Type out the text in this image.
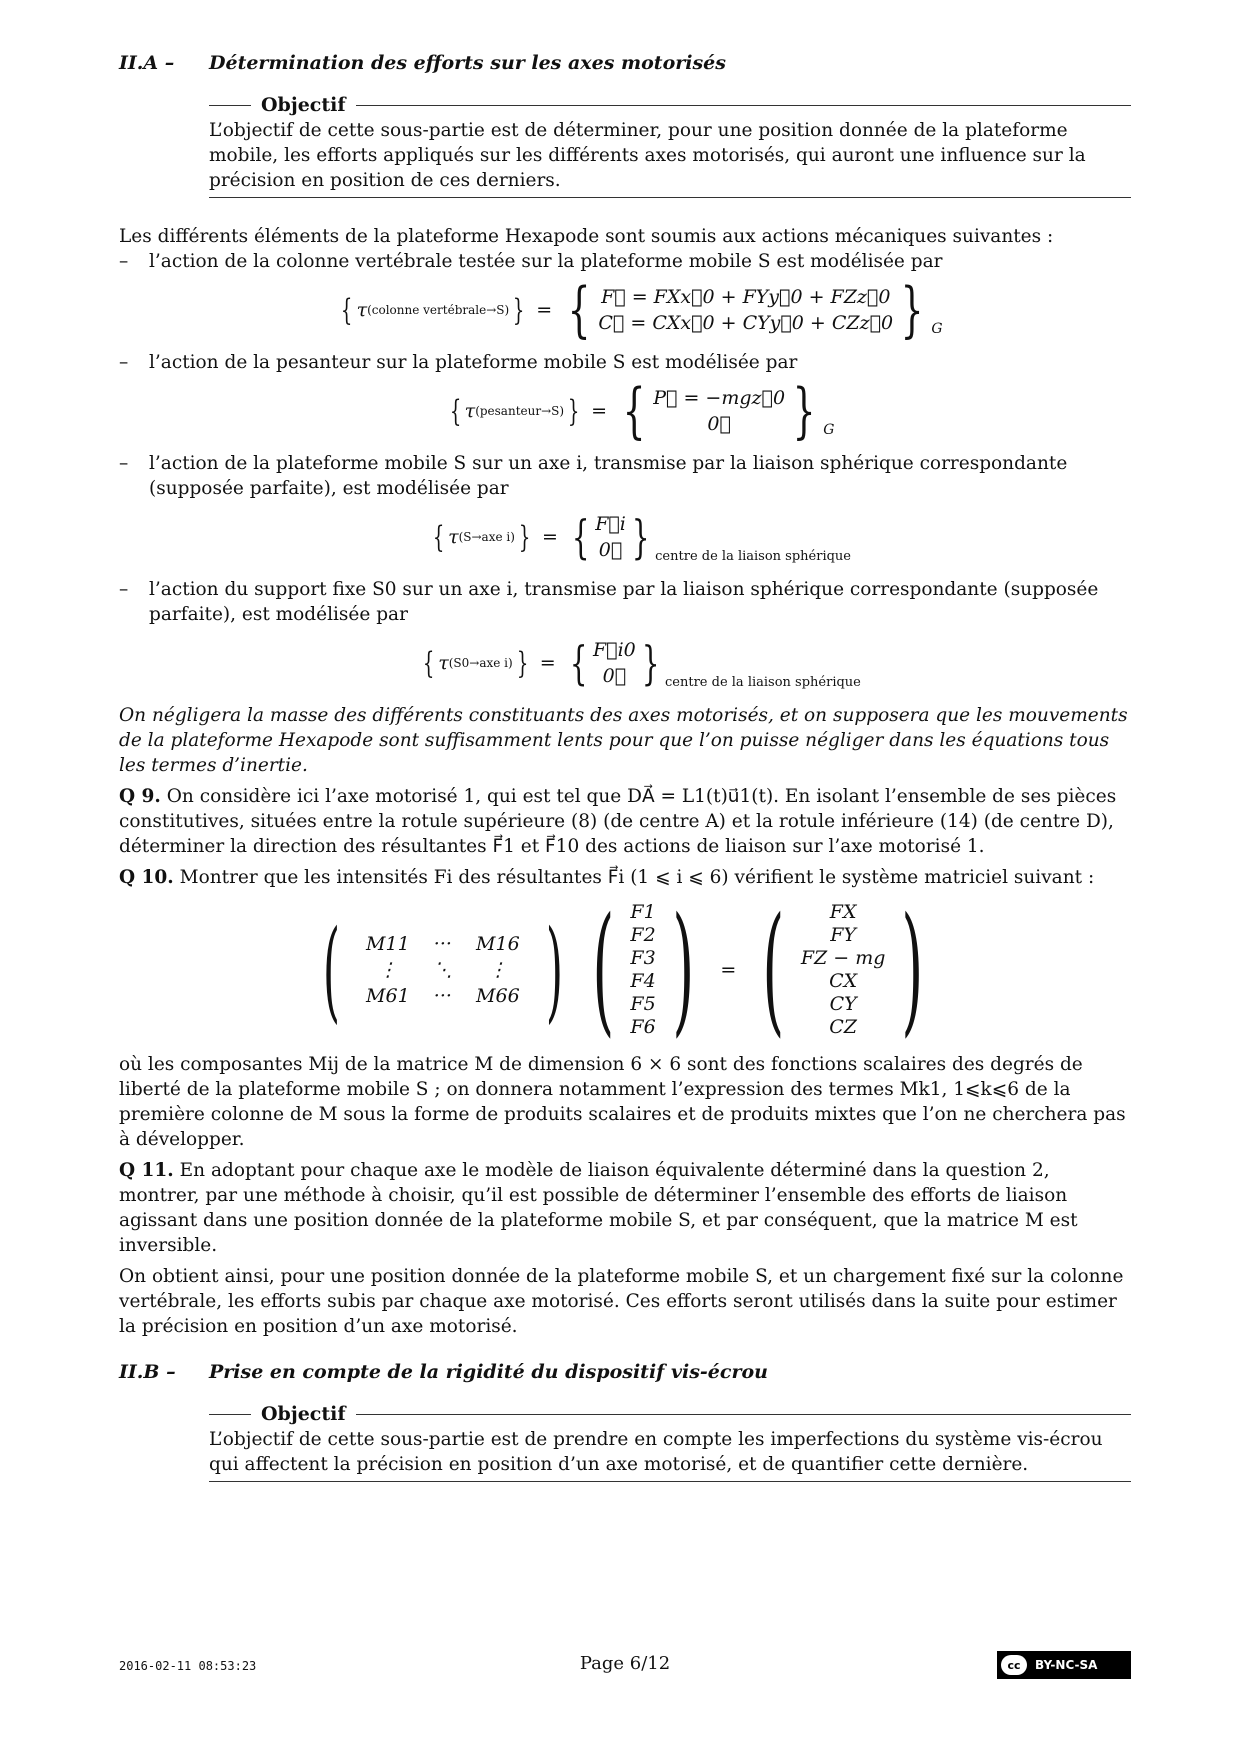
II.A –	Détermination des efforts sur les axes motorisés
Objectif
L’objectif de cette sous-partie est de déterminer, pour une position donnée de la plateforme mobile, les efforts appliqués sur les différents axes motorisés, qui auront une influence sur la précision en position de ces derniers.

Les différents éléments de la plateforme Hexapode sont soumis aux actions mécaniques suivantes :

– l’action de la colonne vertébrale testée sur la plateforme mobile S est modélisée par
{ τ (colonne vertébrale→S) } = { F⃗ = FXx⃗0 + FYy⃗0 + FZz⃗0
C⃗ = CXx⃗0 + CYy⃗0 + CZz⃗0 } G
– l’action de la pesanteur sur la plateforme mobile S est modélisée par
{ τ (pesanteur→S) } = { P⃗ = −mgz⃗0
0⃗ } G
– l’action de la plateforme mobile S sur un axe i, transmise par la liaison sphérique correspondante (supposée parfaite), est modélisée par
{ τ (S→axe i) } = { F⃗i
0⃗ } centre de la liaison sphérique
– l’action du support fixe S0 sur un axe i, transmise par la liaison sphérique correspondante (supposée parfaite), est modélisée par
{ τ (S0→axe i) } = { F⃗i0
0⃗ } centre de la liaison sphérique

On négligera la masse des différents constituants des axes motorisés, et on supposera que les mouvements de la plateforme Hexapode sont suffisamment lents pour que l’on puisse négliger dans les équations tous les termes d’inertie.

Q 9. On considère ici l’axe motorisé 1, qui est tel que DA⃗ = L1(t)u⃗1(t). En isolant l’ensemble de ses pièces constitutives, situées entre la rotule supérieure (8) (de centre A) et la rotule inférieure (14) (de centre D), déterminer la direction des résultantes F⃗1 et F⃗10 des actions de liaison sur l’axe motorisé 1.

Q 10. Montrer que les intensités Fi des résultantes F⃗i (1 ⩽ i ⩽ 6) vérifient le système matriciel suivant :

(	M11	···	M16
⋮	⋱	⋮
M61	···	M66 ) ( F1
F2
F3
F4
F5
F6 ) = ( FX
FY
FZ − mg
CX
CY
CZ )

où les composantes Mij de la matrice M de dimension 6 × 6 sont des fonctions scalaires des degrés de liberté de la plateforme mobile S ; on donnera notamment l’expression des termes Mk1, 1⩽k⩽6 de la première colonne de M sous la forme de produits scalaires et de produits mixtes que l’on ne cherchera pas à développer.

Q 11. En adoptant pour chaque axe le modèle de liaison équivalente déterminé dans la question 2, montrer, par une méthode à choisir, qu’il est possible de déterminer l’ensemble des efforts de liaison agissant dans une position donnée de la plateforme mobile S, et par conséquent, que la matrice M est inversible.

On obtient ainsi, pour une position donnée de la plateforme mobile S, et un chargement fixé sur la colonne vertébrale, les efforts subis par chaque axe motorisé. Ces efforts seront utilisés dans la suite pour estimer la précision en position d’un axe motorisé.

II.B –	Prise en compte de la rigidité du dispositif vis-écrou
Objectif
L’objectif de cette sous-partie est de prendre en compte les imperfections du système vis-écrou qui affectent la précision en position d’un axe motorisé, et de quantifier cette dernière.
2016-02-11 08:53:23	Page 6/12	cc	BY-NC-SA
